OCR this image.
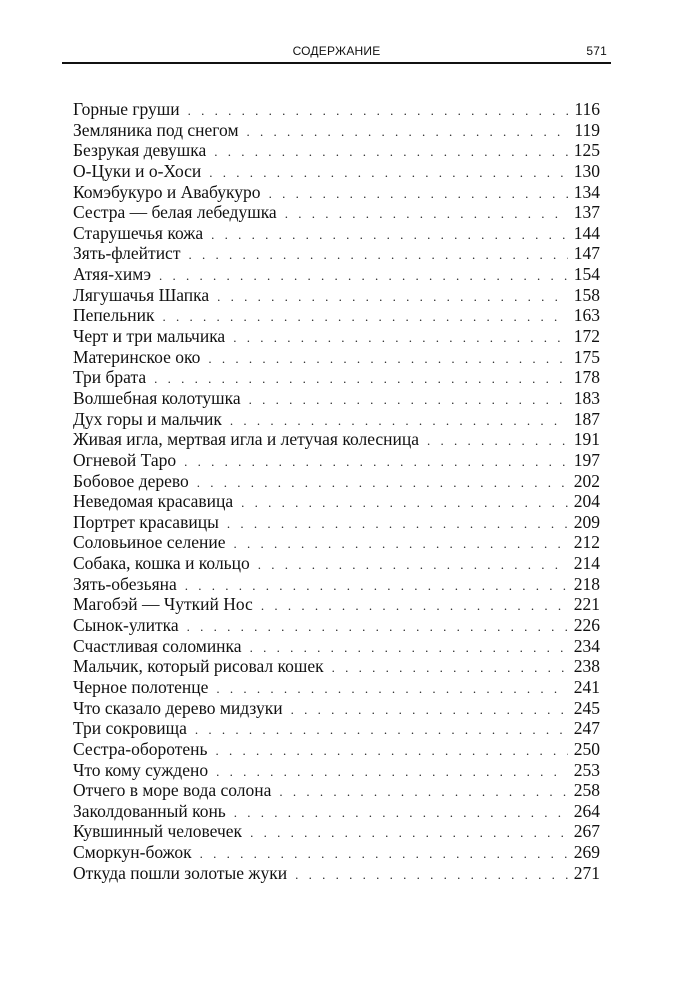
СОДЕРЖАНИЕ	571
Горные груши . . .	116
Земляника под снегом . . .	119
Безрукая девушка . . .	125
О-Цуки и о-Хоси . . .	130
Комэбукуро и Авабукуро . . .	134
Сестра — белая лебедушка . . .	137
Старушечья кожа . . .	144
Зять-флейтист . . .	147
Атяя-химэ . . .	154
Лягушачья Шапка . . .	158
Пепельник . . .	163
Черт и три мальчика . . .	172
Материнское око . . .	175
Три брата . . .	178
Волшебная колотушка . . .	183
Дух горы и мальчик . . .	187
Живая игла, мертвая игла и летучая колесница . . .	191
Огневой Таро . . .	197
Бобовое дерево . . .	202
Неведомая красавица . . .	204
Портрет красавицы . . .	209
Соловьиное селение . . .	212
Собака, кошка и кольцо . . .	214
Зять-обезьяна . . .	218
Магобэй — Чуткий Нос . . .	221
Сынок-улитка . . .	226
Счастливая соломинка . . .	234
Мальчик, который рисовал кошек . . .	238
Черное полотенце . . .	241
Что сказало дерево мидзуки . . .	245
Три сокровища . . .	247
Сестра-оборотень . . .	250
Что кому суждено . . .	253
Отчего в море вода солона . . .	258
Заколдованный конь . . .	264
Кувшинный человечек . . .	267
Сморкун-божок . . .	269
Откуда пошли золотые жуки . . .	271
